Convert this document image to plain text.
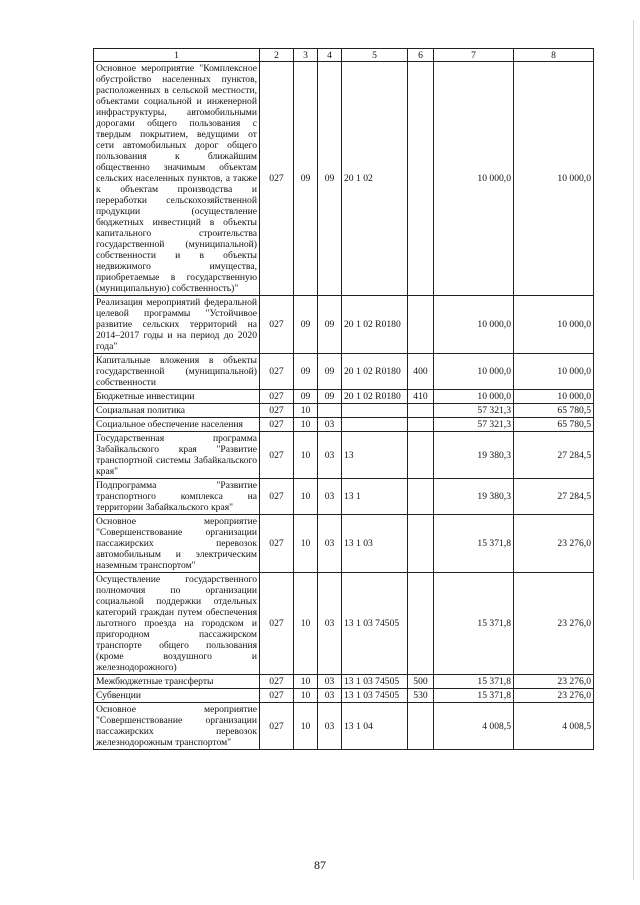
1	2	3	4	5	6	7	8
Основное мероприятие "Комплексное обустройство населенных пунктов, расположенных в сельской местности, объектами социальной и инженерной инфраструктуры, автомобильными дорогами общего пользования с твердым покрытием, ведущими от сети автомобильных дорог общего пользования к ближайшим общественно значимым объектам сельских населенных пунктов, а также к объектам производства и переработки сельскохозяйственной продукции (осуществление бюджетных инвестиций в объекты капитального строительства государственной (муниципальной) собственности и в объекты недвижимого имущества, приобретаемые в государственную (муниципальную) собственность)"	027	09	09	20 1 02		10 000,0	10 000,0
Реализация мероприятий федеральной целевой программы "Устойчивое развитие сельских территорий на 2014–2017 годы и на период до 2020 года"	027	09	09	20 1 02 R0180		10 000,0	10 000,0
Капитальные вложения в объекты государственной (муниципальной) собственности	027	09	09	20 1 02 R0180	400	10 000,0	10 000,0
Бюджетные инвестиции	027	09	09	20 1 02 R0180	410	10 000,0	10 000,0
Социальная политика	027	10				57 321,3	65 780,5
Социальное обеспечение населения	027	10	03			57 321,3	65 780,5
Государственная программа Забайкальского края "Развитие транспортной системы Забайкальского края"	027	10	03	13		19 380,3	27 284,5
Подпрограмма "Развитие транспортного комплекса на территории Забайкальского края"	027	10	03	13 1		19 380,3	27 284,5
Основное мероприятие "Совершенствование организации пассажирских перевозок автомобильным и электрическим наземным транспортом"	027	10	03	13 1 03		15 371,8	23 276,0
Осуществление государственного полномочия по организации социальной поддержки отдельных категорий граждан путем обеспечения льготного проезда на городском и пригородном пассажирском транспорте общего пользования (кроме воздушного и железнодорожного)	027	10	03	13 1 03 74505		15 371,8	23 276,0
Межбюджетные трансферты	027	10	03	13 1 03 74505	500	15 371,8	23 276,0
Субвенции	027	10	03	13 1 03 74505	530	15 371,8	23 276,0
Основное мероприятие "Совершенствование организации пассажирских перевозок железнодорожным транспортом"	027	10	03	13 1 04		4 008,5	4 008,5
87
